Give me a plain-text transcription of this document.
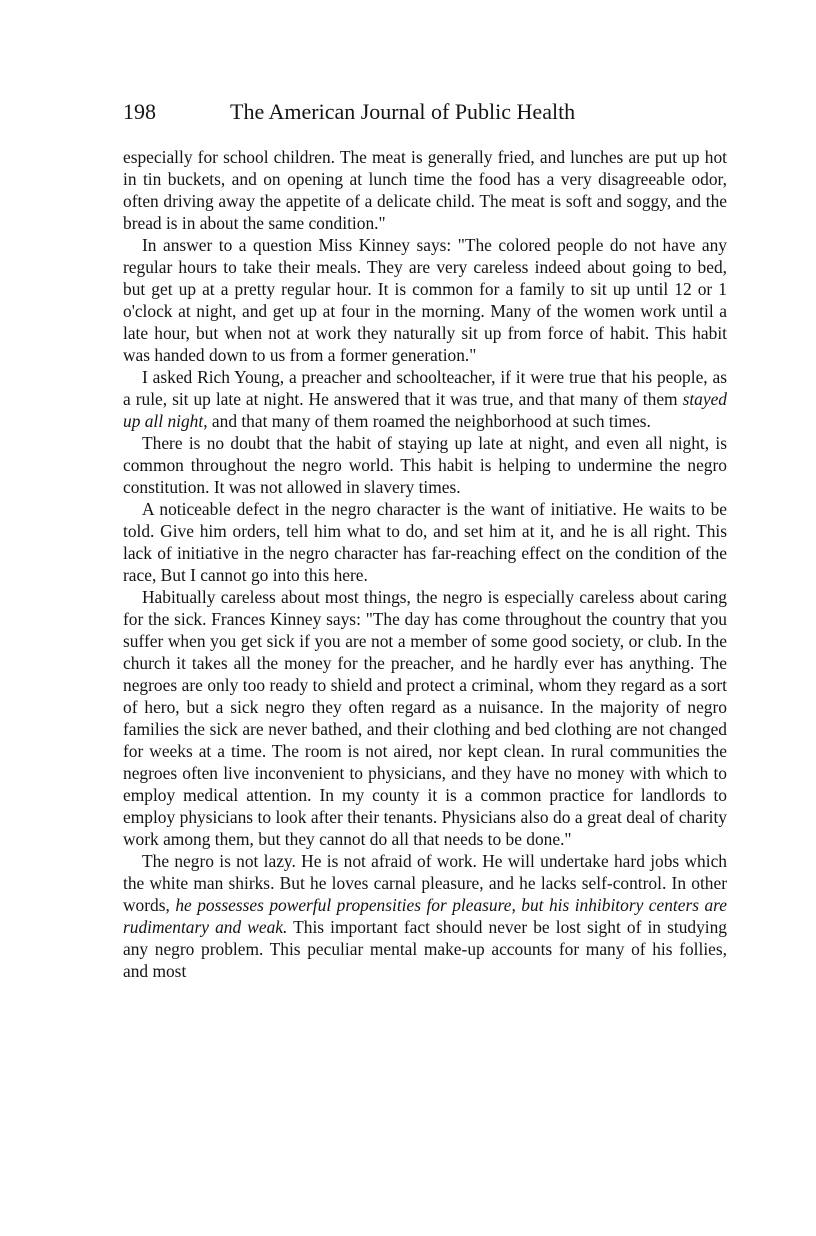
198	The American Journal of Public Health

especially for school children. The meat is generally fried, and lunches are put up hot in tin buckets, and on opening at lunch time the food has a very disagreeable odor, often driving away the appetite of a delicate child. The meat is soft and soggy, and the bread is in about the same condition."

In answer to a question Miss Kinney says: "The colored people do not have any regular hours to take their meals. They are very careless indeed about going to bed, but get up at a pretty regular hour. It is common for a family to sit up until 12 or 1 o'clock at night, and get up at four in the morning. Many of the women work until a late hour, but when not at work they naturally sit up from force of habit. This habit was handed down to us from a former generation."

I asked Rich Young, a preacher and schoolteacher, if it were true that his people, as a rule, sit up late at night. He answered that it was true, and that many of them stayed up all night, and that many of them roamed the neighborhood at such times.

There is no doubt that the habit of staying up late at night, and even all night, is common throughout the negro world. This habit is helping to undermine the negro constitution. It was not allowed in slavery times.

A noticeable defect in the negro character is the want of initiative. He waits to be told. Give him orders, tell him what to do, and set him at it, and he is all right. This lack of initiative in the negro character has far-reaching effect on the condition of the race, But I cannot go into this here.

Habitually careless about most things, the negro is especially careless about caring for the sick. Frances Kinney says: "The day has come throughout the country that you suffer when you get sick if you are not a member of some good society, or club. In the church it takes all the money for the preacher, and he hardly ever has anything. The negroes are only too ready to shield and protect a criminal, whom they regard as a sort of hero, but a sick negro they often regard as a nuisance. In the majority of negro families the sick are never bathed, and their clothing and bed clothing are not changed for weeks at a time. The room is not aired, nor kept clean. In rural communities the negroes often live inconvenient to physicians, and they have no money with which to employ medical attention. In my county it is a common practice for landlords to employ physicians to look after their tenants. Physicians also do a great deal of charity work among them, but they cannot do all that needs to be done."

The negro is not lazy. He is not afraid of work. He will undertake hard jobs which the white man shirks. But he loves carnal pleasure, and he lacks self-control. In other words, he possesses powerful propensities for pleasure, but his inhibitory centers are rudimentary and weak. This important fact should never be lost sight of in studying any negro problem. This peculiar mental make-up accounts for many of his follies, and most
